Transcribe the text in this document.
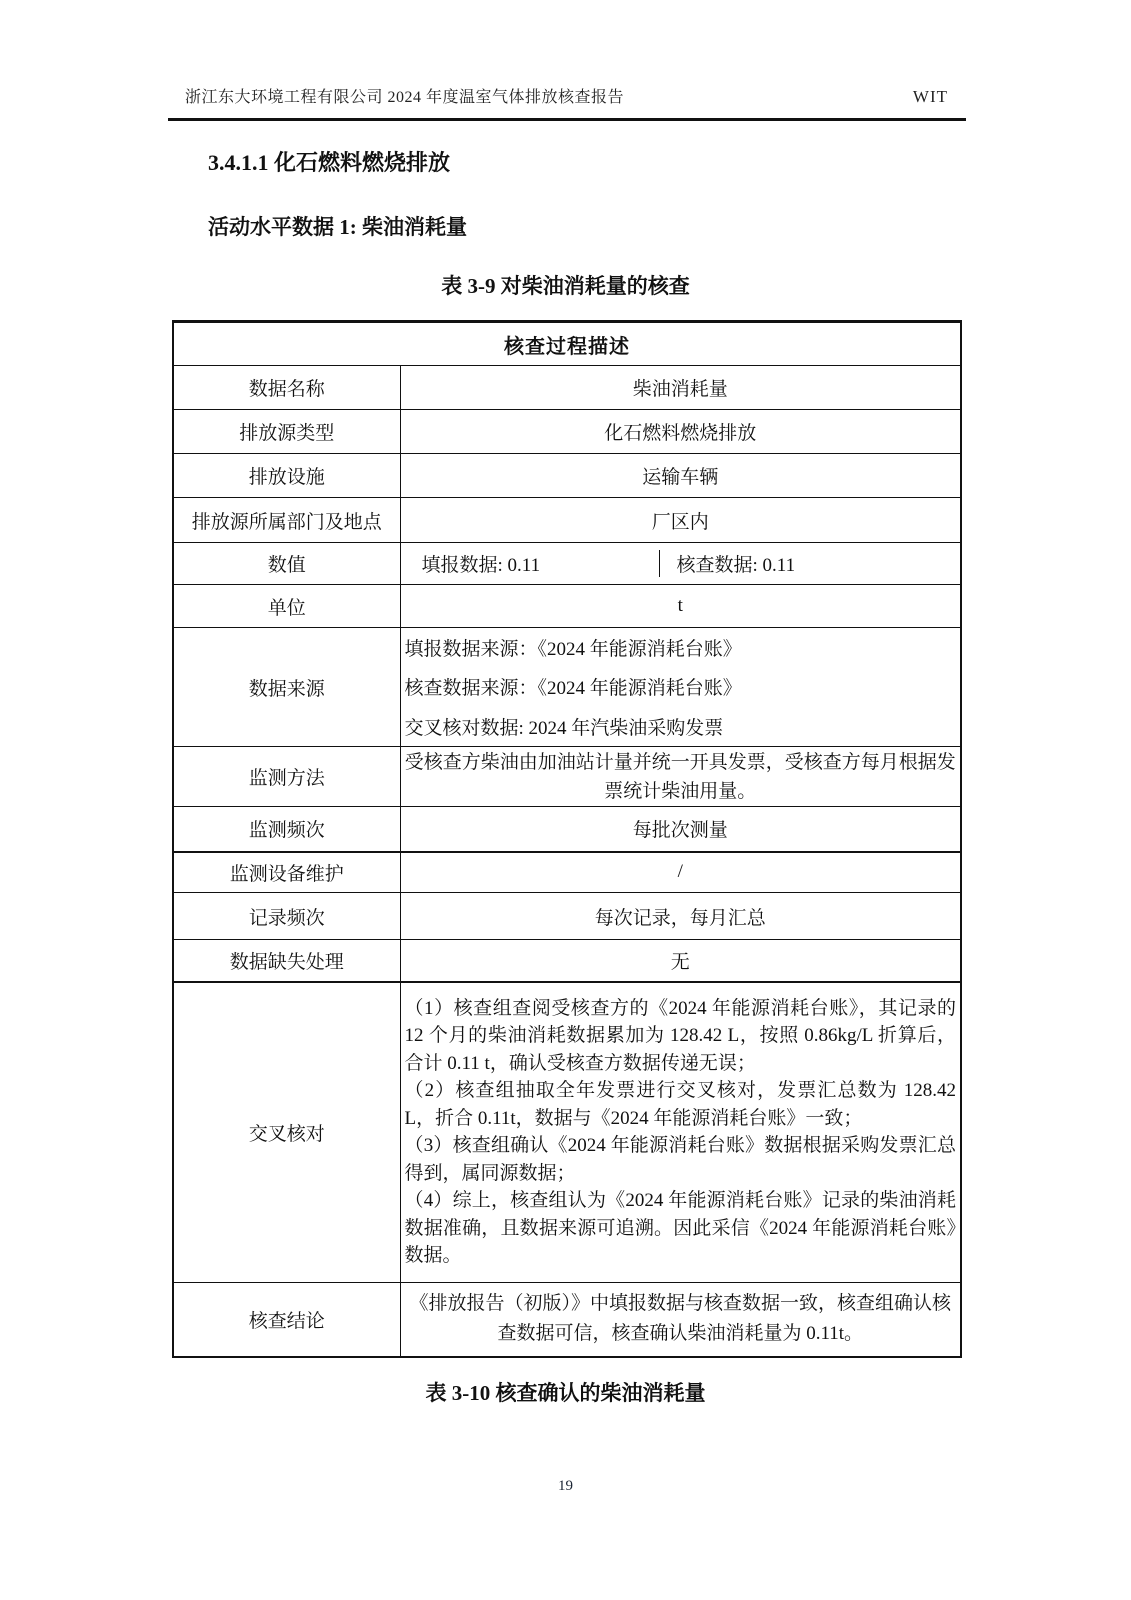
浙江东大环境工程有限公司 2024 年度温室气体排放核查报告	WIT
3.4.1.1 化石燃料燃烧排放
活动水平数据 1: 柴油消耗量
表 3-9 对柴油消耗量的核查
核查过程描述	
数据名称	柴油消耗量
排放源类型	化石燃料燃烧排放
排放设施	运输车辆
排放源所属部门及地点	厂区内
数值	填报数据: 0.11 核查数据: 0.11

单位	t
数据来源	填报数据来源：《2024 年能源消耗台账》
核查数据来源：《2024 年能源消耗台账》
交叉核对数据: 2024 年汽柴油采购发票

监测方法	受核查方柴油由加油站计量并统一开具发票，受核查方每月根据发票统计柴油用量。
监测频次	每批次测量
监测设备维护	/
记录频次	每次记录，每月汇总
数据缺失处理	无
交叉核对	（1）核查组查阅受核查方的《2024 年能源消耗台账》，其记录的 12 个月的柴油消耗数据累加为 128.42 L，按照 0.86kg/L 折算后，合计 0.11 t，确认受核查方数据传递无误；

（2）核查组抽取全年发票进行交叉核对，发票汇总数为 128.42 L，折合 0.11t，数据与《2024 年能源消耗台账》一致；

（3）核查组确认《2024 年能源消耗台账》数据根据采购发票汇总得到，属同源数据；

（4）综上，核查组认为《2024 年能源消耗台账》记录的柴油消耗数据准确，且数据来源可追溯。因此采信《2024 年能源消耗台账》数据。

核查结论	《排放报告（初版）》中填报数据与核查数据一致，核查组确认核查数据可信，核查确认柴油消耗量为 0.11t。
表 3-10 核查确认的柴油消耗量
19
